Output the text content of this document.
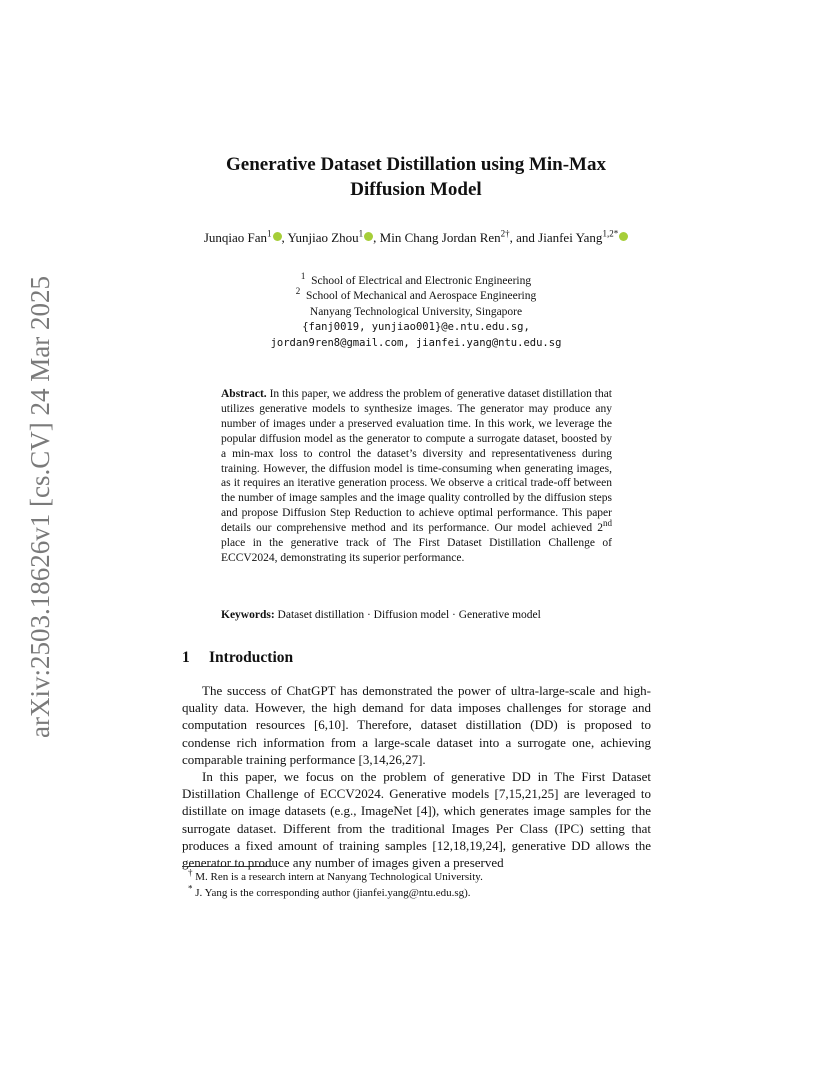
arXiv:2503.18626v1 [cs.CV] 24 Mar 2025
Generative Dataset Distillation using Min-Max
Diffusion Model
Junqiao Fan$^1$ , Yunjiao Zhou$^1$ , Min Chang Jordan Ren$^{2\dagger}$, and Jianfei Yang$^{1,2*}$
$^1$ School of Electrical and Electronic Engineering
$^2$ School of Mechanical and Aerospace Engineering
Nanyang Technological University, Singapore
{fanj0019, yunjiao001}@e.ntu.edu.sg,
jordan9ren8@gmail.com, jianfei.yang@ntu.edu.sg
Abstract. In this paper, we address the problem of generative dataset distillation that utilizes generative models to synthesize images. The generator may produce any number of images under a preserved evaluation time. In this work, we leverage the popular diffusion model as the generator to compute a surrogate dataset, boosted by a min-max loss to control the dataset’s diversity and representativeness during training. However, the diffusion model is time-consuming when generating images, as it requires an iterative generation process. We observe a critical trade-off between the number of image samples and the image quality controlled by the diffusion steps and propose Diffusion Step Reduction to achieve optimal performance. This paper details our comprehensive method and its performance. Our model achieved 2nd place in the generative track of The First Dataset Distillation Challenge of ECCV2024, demonstrating its superior performance.
Keywords: Dataset distillation · Diffusion model · Generative model
1 Introduction

The success of ChatGPT has demonstrated the power of ultra-large-scale and high-quality data. However, the high demand for data imposes challenges for storage and computation resources [6,10]. Therefore, dataset distillation (DD) is proposed to condense rich information from a large-scale dataset into a surrogate one, achieving comparable training performance [3,14,26,27].

In this paper, we focus on the problem of generative DD in The First Dataset Distillation Challenge of ECCV2024. Generative models [7,15,21,25] are leveraged to distillate on image datasets (e.g., ImageNet [4]), which generates image samples for the surrogate dataset. Different from the traditional Images Per Class (IPC) setting that produces a fixed amount of training samples [12,18,19,24], generative DD allows the generator to produce any number of images given a preserved

† M. Ren is a research intern at Nanyang Technological University.
* J. Yang is the corresponding author (jianfei.yang@ntu.edu.sg).
